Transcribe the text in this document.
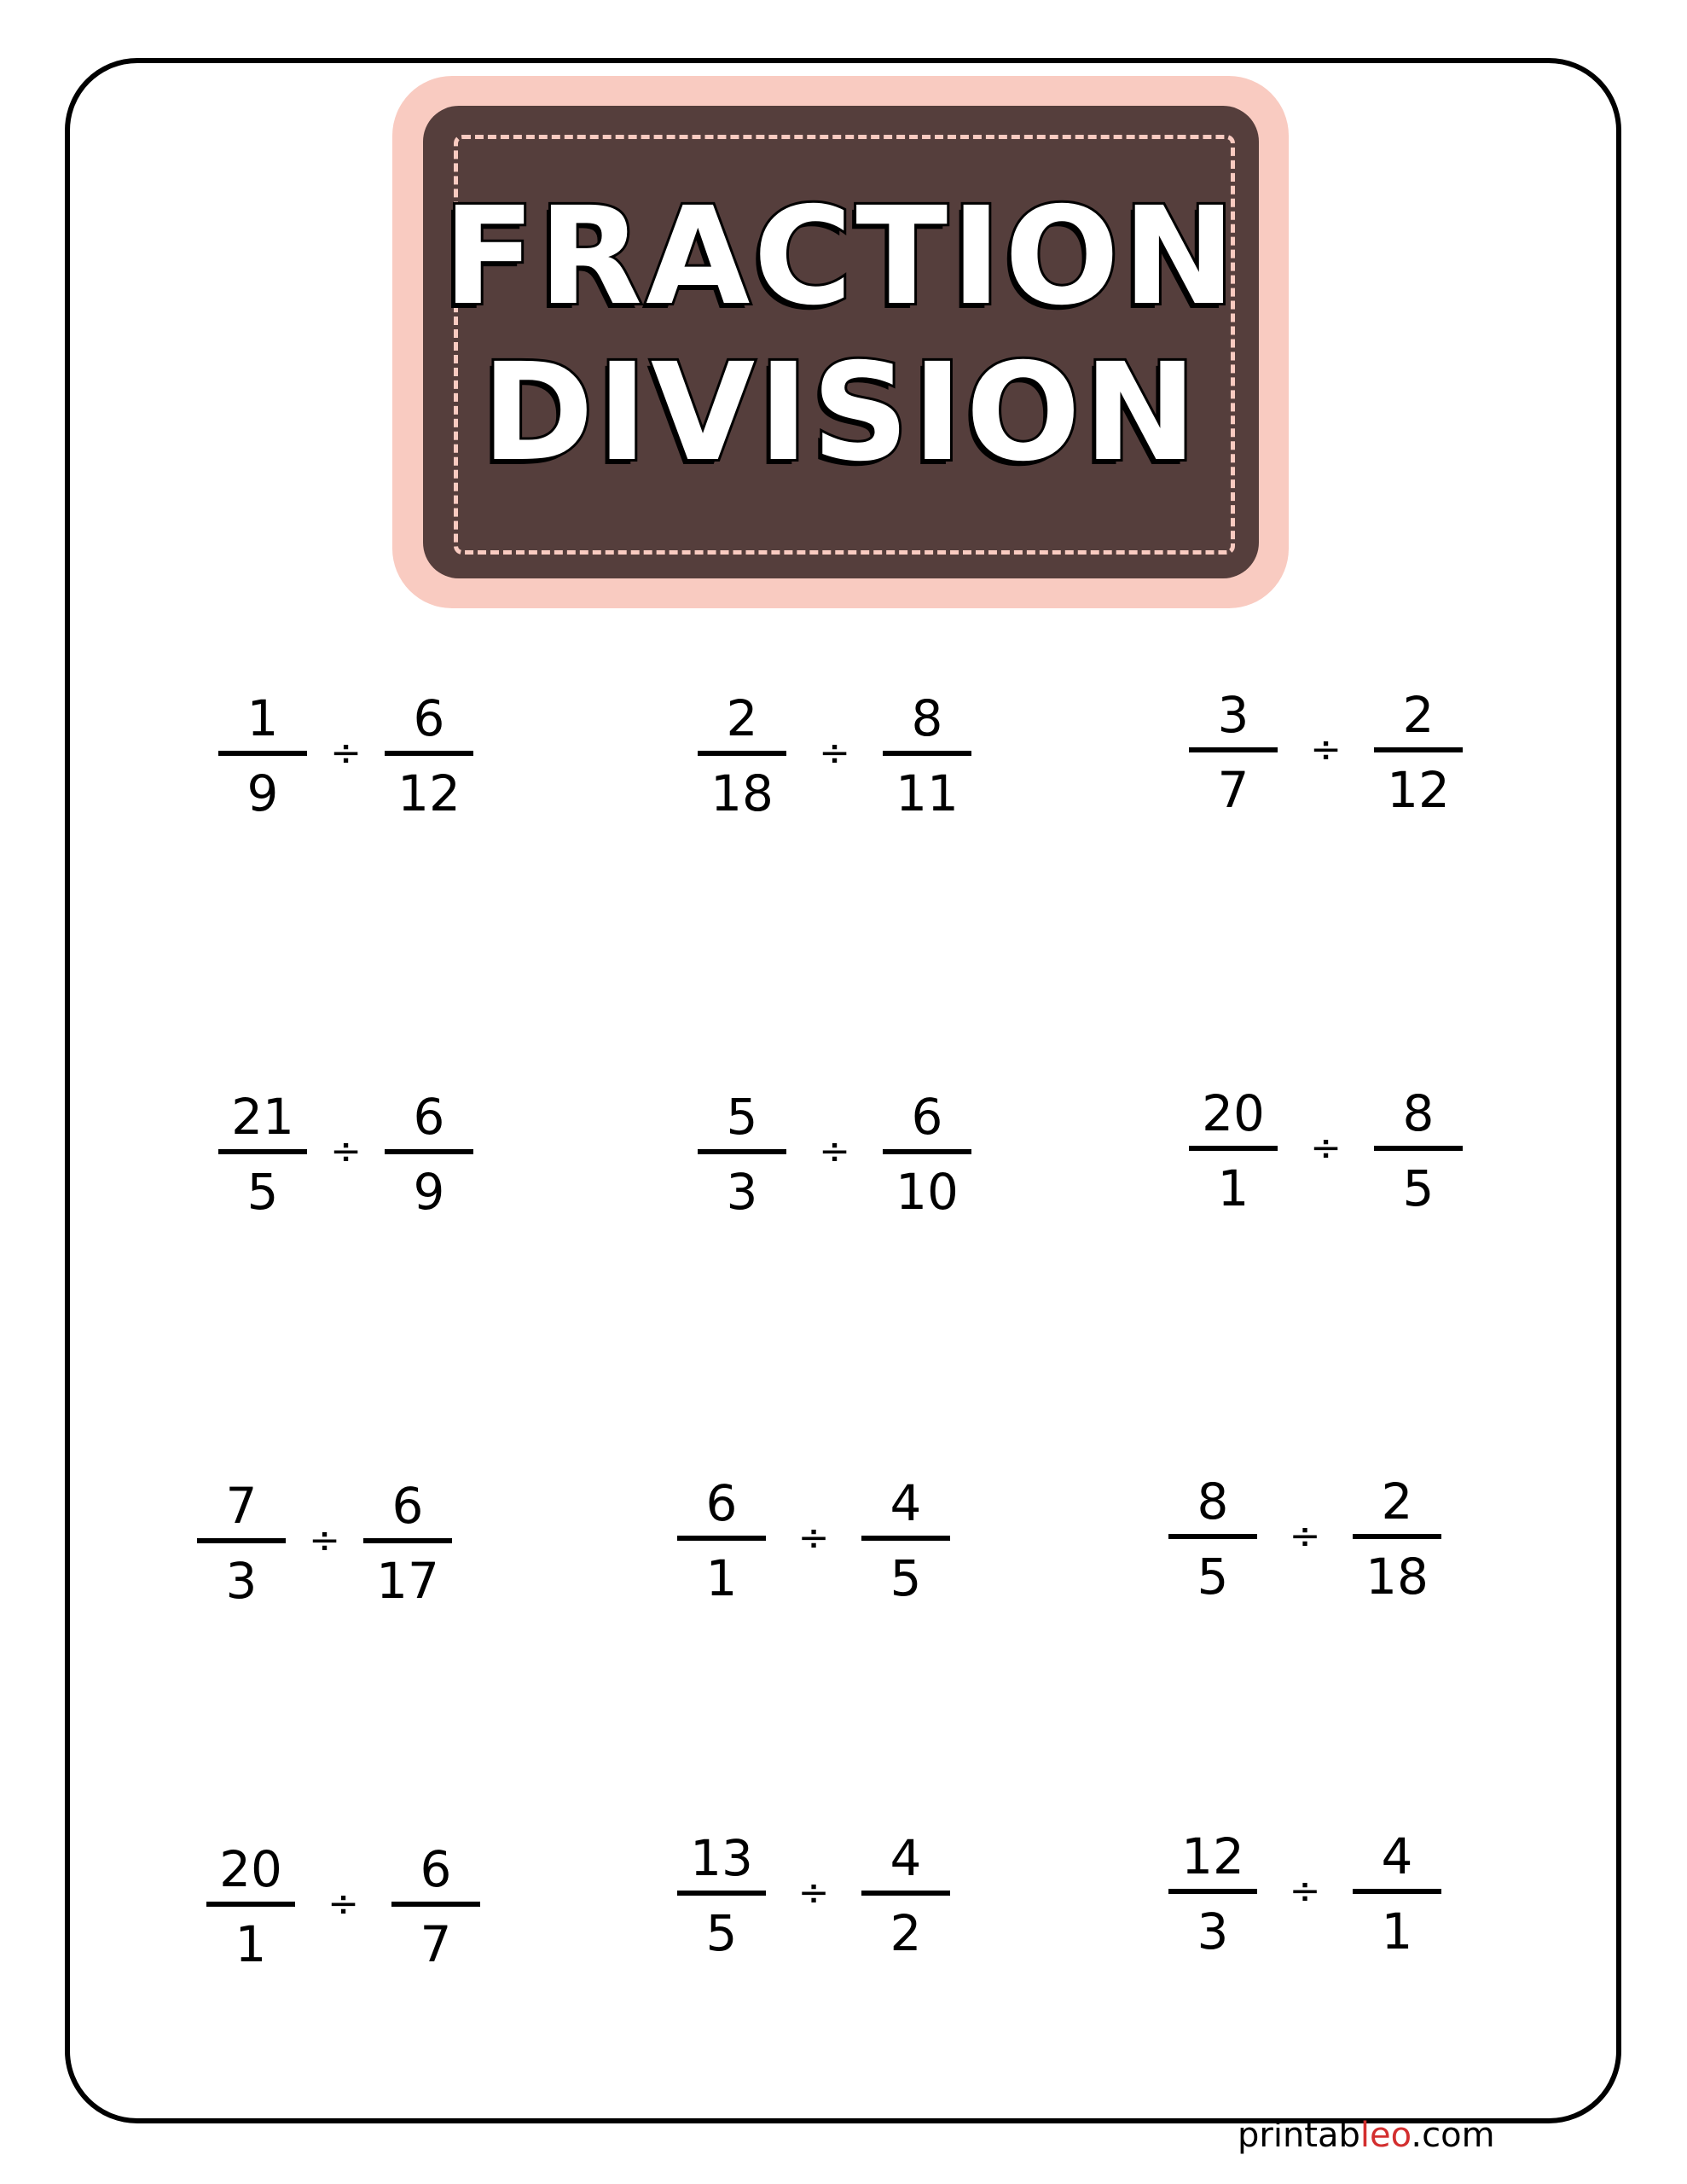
FRACTION
DIVISION
1
9
÷
6
12
2
18
÷
8
11
3
7
÷
2
12
21
5
÷
6
9
5
3
÷
6
10
20
1
÷
8
5
7
3
÷
6
17
6
1
÷
4
5
8
5
÷
2
18
20
1
÷
6
7
13
5
÷
4
2
12
3
÷
4
1
printableo.com
